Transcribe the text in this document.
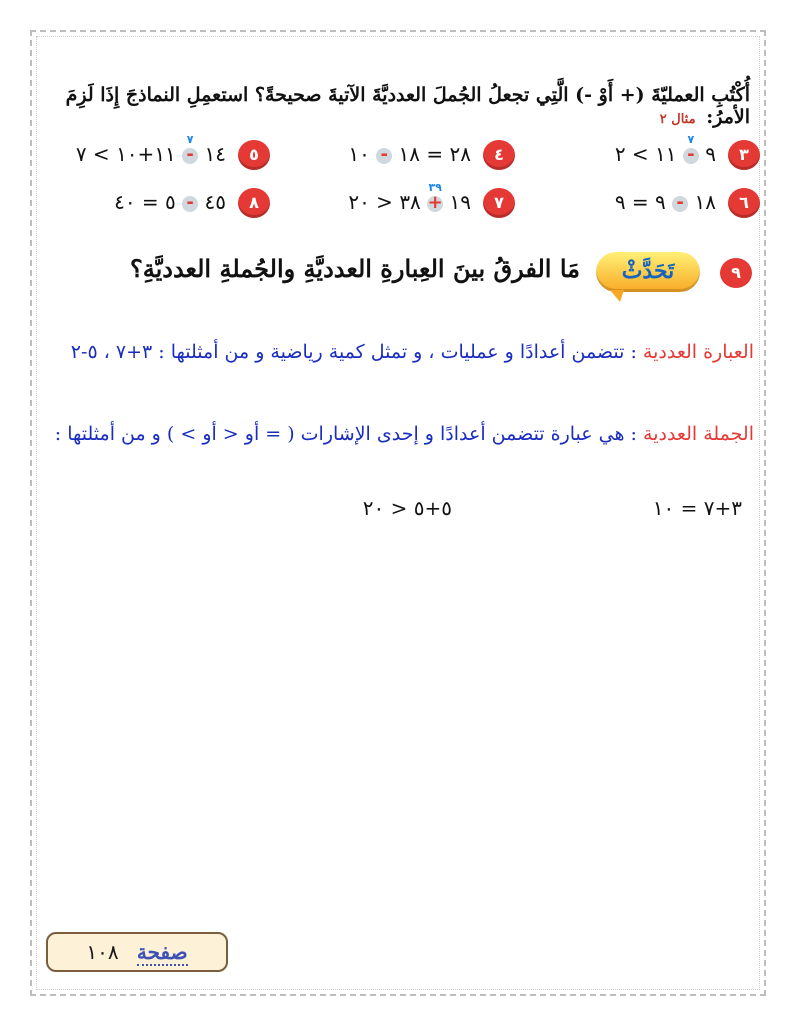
أُكْتُبِ العمليّةَ (+ أَوْ -) الَّتِي تجعلُ الجُملَ العدديَّةَ الآتيةَ صحيحةً؟ استعمِلِ النماذجَ إِذَا لَزِمَ الأمرُ: مثال ٢
٣
٩
٧
- ١١ > ٢
٤
٢٨ = ١٨
- ١٠
٥
١٤
٧
- ١١+١٠ > ٧
٦
١٨
- ٩ = ٩
٧
١٩
٣٩
+ ٣٨ < ٢٠
٨
٤٥
- ٥ = ٤٠
٩
تَحَدَّثْ
مَا الفرقُ بينَ العِبارةِ العدديَّةِ والجُملةِ العدديَّةِ؟
العبارة العددية : تتضمن أعدادًا و عمليات ، و تمثل كمية رياضية و من أمثلتها : ٣+٧ ، ٥-٢
الجملة العددية : هي عبارة تتضمن أعدادًا و إحدى الإشارات ( = أو < أو > ) و من أمثلتها :
٣+٧ = ١٠
٥+٥ < ٢٠
صفحة ١٠٨
